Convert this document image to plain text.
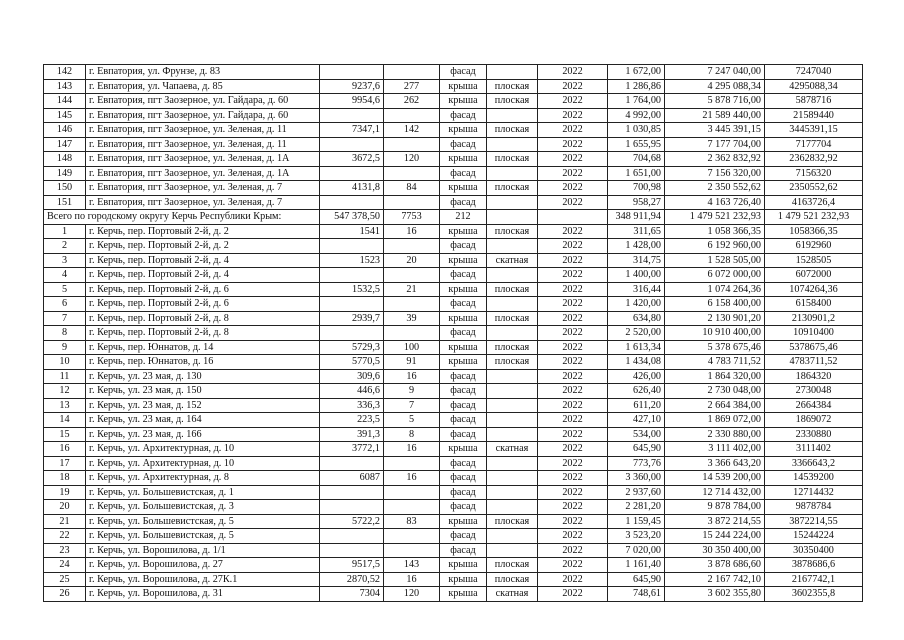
142	г. Евпатория, ул. Фрунзе, д. 83			фасад		2022	1 672,00	7 247 040,00	7247040
143	г. Евпатория, ул. Чапаева, д. 85	9237,6	277	крыша	плоская	2022	1 286,86	4 295 088,34	4295088,34
144	г. Евпатория, пгт Заозерное, ул. Гайдара, д. 60	9954,6	262	крыша	плоская	2022	1 764,00	5 878 716,00	5878716
145	г. Евпатория, пгт Заозерное, ул. Гайдара, д. 60			фасад		2022	4 992,00	21 589 440,00	21589440
146	г. Евпатория, пгт Заозерное, ул. Зеленая, д. 11	7347,1	142	крыша	плоская	2022	1 030,85	3 445 391,15	3445391,15
147	г. Евпатория, пгт Заозерное, ул. Зеленая, д. 11			фасад		2022	1 655,95	7 177 704,00	7177704
148	г. Евпатория, пгт Заозерное, ул. Зеленая, д. 1А	3672,5	120	крыша	плоская	2022	704,68	2 362 832,92	2362832,92
149	г. Евпатория, пгт Заозерное, ул. Зеленая, д. 1А			фасад		2022	1 651,00	7 156 320,00	7156320
150	г. Евпатория, пгт Заозерное, ул. Зеленая, д. 7	4131,8	84	крыша	плоская	2022	700,98	2 350 552,62	2350552,62
151	г. Евпатория, пгт Заозерное, ул. Зеленая, д. 7			фасад		2022	958,27	4 163 726,40	4163726,4
Всего по городскому округу Керчь Республики Крым:		547 378,50	7753	212			348 911,94	1 479 521 232,93	1 479 521 232,93
1	г. Керчь, пер. Портовый 2-й, д. 2	1541	16	крыша	плоская	2022	311,65	1 058 366,35	1058366,35
2	г. Керчь, пер. Портовый 2-й, д. 2			фасад		2022	1 428,00	6 192 960,00	6192960
3	г. Керчь, пер. Портовый 2-й, д. 4	1523	20	крыша	скатная	2022	314,75	1 528 505,00	1528505
4	г. Керчь, пер. Портовый 2-й, д. 4			фасад		2022	1 400,00	6 072 000,00	6072000
5	г. Керчь, пер. Портовый 2-й, д. 6	1532,5	21	крыша	плоская	2022	316,44	1 074 264,36	1074264,36
6	г. Керчь, пер. Портовый 2-й, д. 6			фасад		2022	1 420,00	6 158 400,00	6158400
7	г. Керчь, пер. Портовый 2-й, д. 8	2939,7	39	крыша	плоская	2022	634,80	2 130 901,20	2130901,2
8	г. Керчь, пер. Портовый 2-й, д. 8			фасад		2022	2 520,00	10 910 400,00	10910400
9	г. Керчь, пер. Юннатов, д. 14	5729,3	100	крыша	плоская	2022	1 613,34	5 378 675,46	5378675,46
10	г. Керчь, пер. Юннатов, д. 16	5770,5	91	крыша	плоская	2022	1 434,08	4 783 711,52	4783711,52
11	г. Керчь, ул. 23 мая, д. 130	309,6	16	фасад		2022	426,00	1 864 320,00	1864320
12	г. Керчь, ул. 23 мая, д. 150	446,6	9	фасад		2022	626,40	2 730 048,00	2730048
13	г. Керчь, ул. 23 мая, д. 152	336,3	7	фасад		2022	611,20	2 664 384,00	2664384
14	г. Керчь, ул. 23 мая, д. 164	223,5	5	фасад		2022	427,10	1 869 072,00	1869072
15	г. Керчь, ул. 23 мая, д. 166	391,3	8	фасад		2022	534,00	2 330 880,00	2330880
16	г. Керчь, ул. Архитектурная, д. 10	3772,1	16	крыша	скатная	2022	645,90	3 111 402,00	3111402
17	г. Керчь, ул. Архитектурная, д. 10			фасад		2022	773,76	3 366 643,20	3366643,2
18	г. Керчь, ул. Архитектурная, д. 8	6087	16	фасад		2022	3 360,00	14 539 200,00	14539200
19	г. Керчь, ул. Большевистская, д. 1			фасад		2022	2 937,60	12 714 432,00	12714432
20	г. Керчь, ул. Большевистская, д. 3			фасад		2022	2 281,20	9 878 784,00	9878784
21	г. Керчь, ул. Большевистская, д. 5	5722,2	83	крыша	плоская	2022	1 159,45	3 872 214,55	3872214,55
22	г. Керчь, ул. Большевистская, д. 5			фасад		2022	3 523,20	15 244 224,00	15244224
23	г. Керчь, ул. Ворошилова, д. 1/1			фасад		2022	7 020,00	30 350 400,00	30350400
24	г. Керчь, ул. Ворошилова, д. 27	9517,5	143	крыша	плоская	2022	1 161,40	3 878 686,60	3878686,6
25	г. Керчь, ул. Ворошилова, д. 27К.1	2870,52	16	крыша	плоская	2022	645,90	2 167 742,10	2167742,1
26	г. Керчь, ул. Ворошилова, д. 31	7304	120	крыша	скатная	2022	748,61	3 602 355,80	3602355,8
